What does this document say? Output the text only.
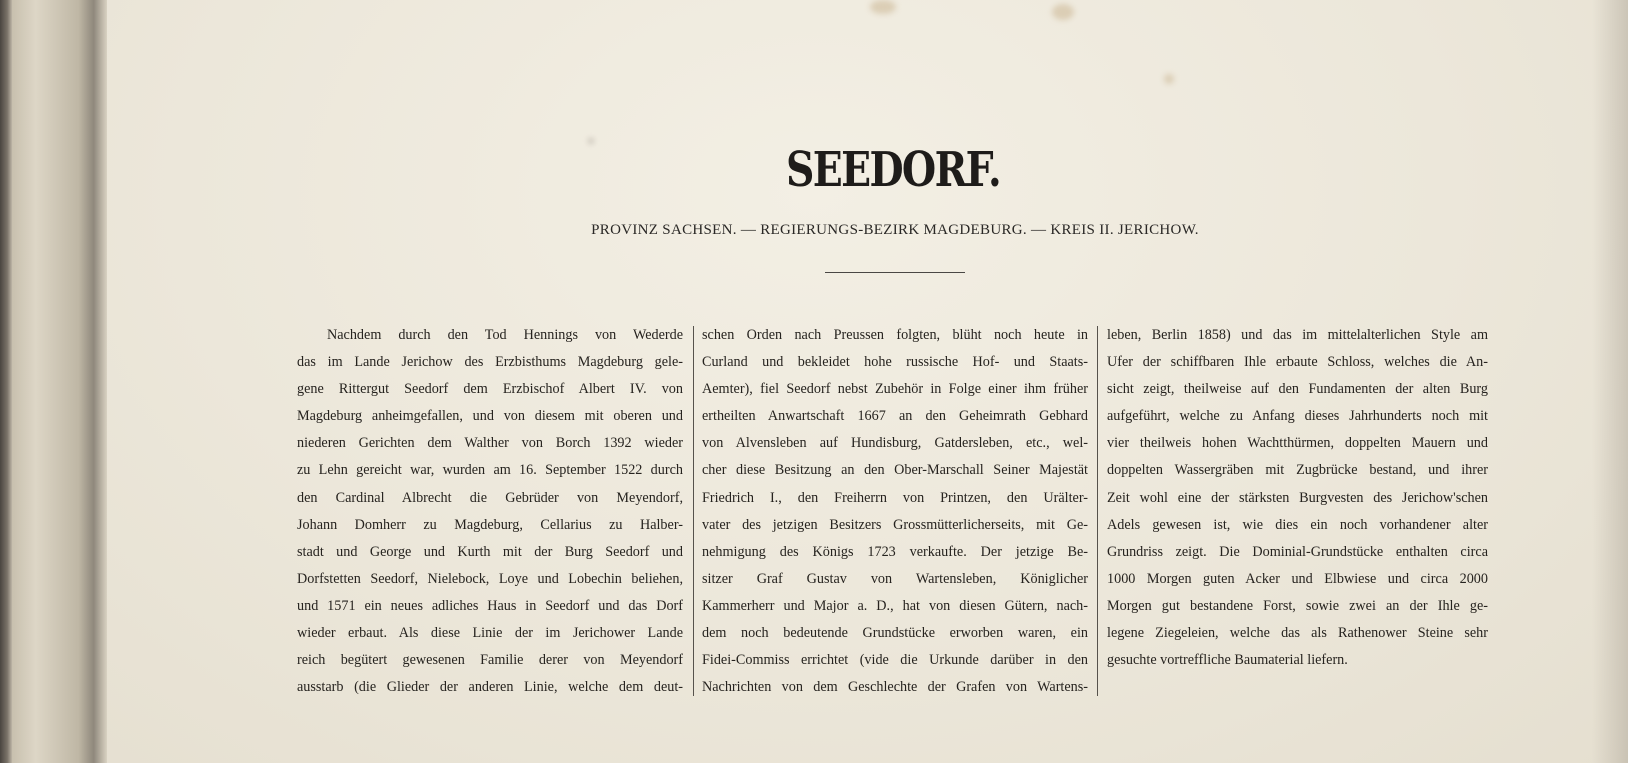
SEEDORF.

PROVINZ SACHSEN. — REGIERUNGS-BEZIRK MAGDEBURG. — KREIS II. JERICHOW.

Nachdem durch den Tod Hennings von Wederde
das im Lande Jerichow des Erzbisthums Magdeburg gele-
gene Rittergut Seedorf dem Erzbischof Albert IV. von
Magdeburg anheimgefallen, und von diesem mit oberen und
niederen Gerichten dem Walther von Borch 1392 wieder
zu Lehn gereicht war, wurden am 16. September 1522 durch
den Cardinal Albrecht die Gebrüder von Meyendorf,
Johann Domherr zu Magdeburg, Cellarius zu Halber-
stadt und George und Kurth mit der Burg Seedorf und
Dorfstetten Seedorf, Nielebock, Loye und Lobechin beliehen,
und 1571 ein neues adliches Haus in Seedorf und das Dorf
wieder erbaut. Als diese Linie der im Jerichower Lande
reich begütert gewesenen Familie derer von Meyendorf
ausstarb (die Glieder der anderen Linie, welche dem deut-
schen Orden nach Preussen folgten, blüht noch heute in
Curland und bekleidet hohe russische Hof- und Staats-
Aemter), fiel Seedorf nebst Zubehör in Folge einer ihm früher
ertheilten Anwartschaft 1667 an den Geheimrath Gebhard
von Alvensleben auf Hundisburg, Gatdersleben, etc., wel-
cher diese Besitzung an den Ober-Marschall Seiner Majestät
Friedrich I., den Freiherrn von Printzen, den Urälter-
vater des jetzigen Besitzers Grossmütterlicherseits, mit Ge-
nehmigung des Königs 1723 verkaufte. Der jetzige Be-
sitzer Graf Gustav von Wartensleben, Königlicher
Kammerherr und Major a. D., hat von diesen Gütern, nach-
dem noch bedeutende Grundstücke erworben waren, ein
Fidei-Commiss errichtet (vide die Urkunde darüber in den
Nachrichten von dem Geschlechte der Grafen von Wartens-
leben, Berlin 1858) und das im mittelalterlichen Style am
Ufer der schiffbaren Ihle erbaute Schloss, welches die An-
sicht zeigt, theilweise auf den Fundamenten der alten Burg
aufgeführt, welche zu Anfang dieses Jahrhunderts noch mit
vier theilweis hohen Wachtthürmen, doppelten Mauern und
doppelten Wassergräben mit Zugbrücke bestand, und ihrer
Zeit wohl eine der stärksten Burgvesten des Jerichow'schen
Adels gewesen ist, wie dies ein noch vorhandener alter
Grundriss zeigt. Die Dominial-Grundstücke enthalten circa
1000 Morgen guten Acker und Elbwiese und circa 2000
Morgen gut bestandene Forst, sowie zwei an der Ihle ge-
legene Ziegeleien, welche das als Rathenower Steine sehr
gesuchte vortreffliche Baumaterial liefern.
